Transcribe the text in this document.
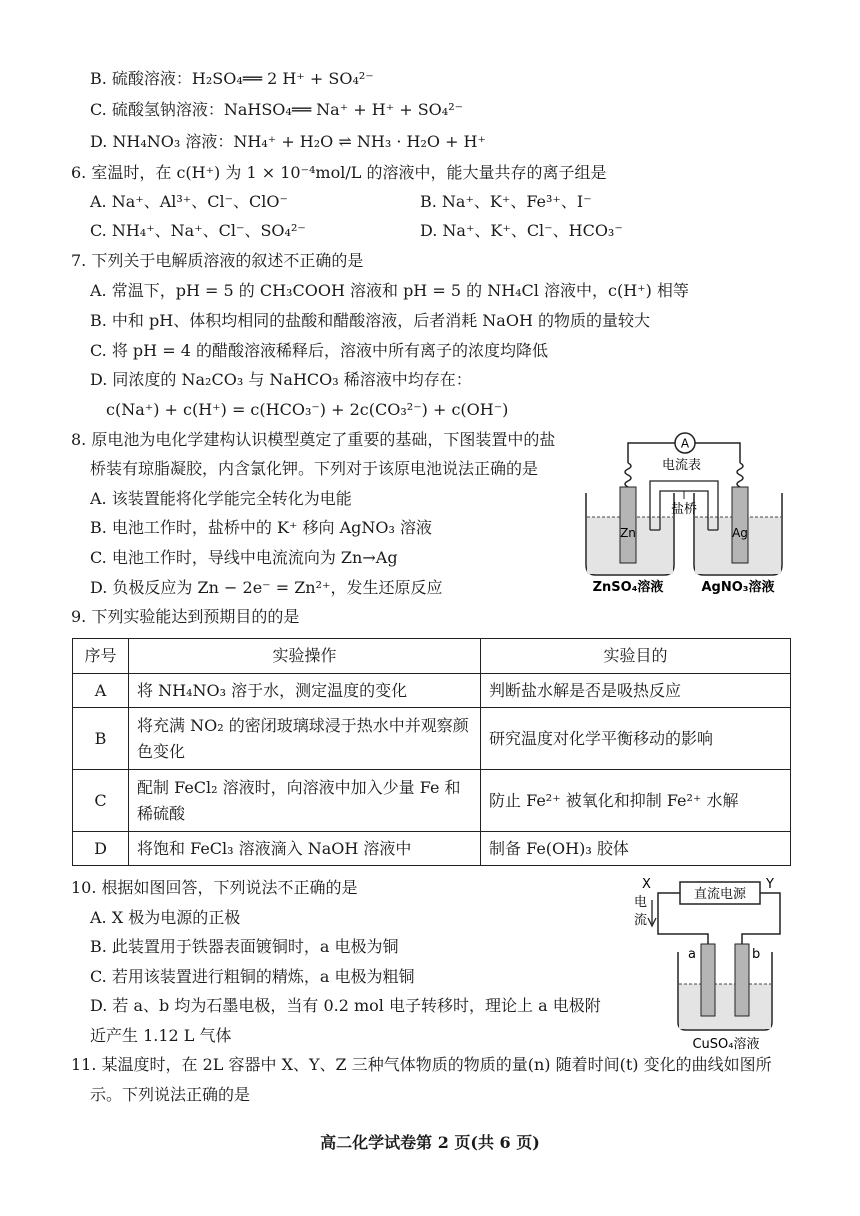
B. 硫酸溶液：H₂SO₄══ 2 H⁺ + SO₄²⁻
C. 硫酸氢钠溶液：NaHSO₄══ Na⁺ + H⁺ + SO₄²⁻
D. NH₄NO₃ 溶液：NH₄⁺ + H₂O ⇌ NH₃ · H₂O + H⁺
6. 室温时，在 c(H⁺) 为 1 × 10⁻⁴mol/L 的溶液中，能大量共存的离子组是
A. Na⁺、Al³⁺、Cl⁻、ClO⁻	B. Na⁺、K⁺、Fe³⁺、I⁻
C. NH₄⁺、Na⁺、Cl⁻、SO₄²⁻	D. Na⁺、K⁺、Cl⁻、HCO₃⁻
7. 下列关于电解质溶液的叙述不正确的是
A. 常温下，pH = 5 的 CH₃COOH 溶液和 pH = 5 的 NH₄Cl 溶液中，c(H⁺) 相等
B. 中和 pH、体积均相同的盐酸和醋酸溶液，后者消耗 NaOH 的物质的量较大
C. 将 pH = 4 的醋酸溶液稀释后，溶液中所有离子的浓度均降低
D. 同浓度的 Na₂CO₃ 与 NaHCO₃ 稀溶液中均存在：
c(Na⁺) + c(H⁺) = c(HCO₃⁻) + 2c(CO₃²⁻) + c(OH⁻)
8. 原电池为电化学建构认识模型奠定了重要的基础，下图装置中的盐
桥装有琼脂凝胶，内含氯化钾。下列对于该原电池说法正确的是
A. 该装置能将化学能完全转化为电能
B. 电池工作时，盐桥中的 K⁺ 移向 AgNO₃ 溶液
C. 电池工作时，导线中电流流向为 Zn→Ag
D. 负极反应为 Zn − 2e⁻ = Zn²⁺，发生还原反应
A
电流表
Zn	Ag
盐桥
ZnSO₄溶液	AgNO₃溶液
9. 下列实验能达到预期目的的是
序号	实验操作	实验目的
A	将 NH₄NO₃ 溶于水，测定温度的变化	判断盐水解是否是吸热反应
B	将充满 NO₂ 的密闭玻璃球浸于热水中并观察颜色变化	研究温度对化学平衡移动的影响
C	配制 FeCl₂ 溶液时，向溶液中加入少量 Fe 和稀硫酸	防止 Fe²⁺ 被氧化和抑制 Fe²⁺ 水解
D	将饱和 FeCl₃ 溶液滴入 NaOH 溶液中	制备 Fe(OH)₃ 胶体
10. 根据如图回答，下列说法不正确的是
A. X 极为电源的正极
B. 此装置用于铁器表面镀铜时，a 电极为铜
C. 若用该装置进行粗铜的精炼，a 电极为粗铜
D. 若 a、b 均为石墨电极，当有 0.2 mol 电子转移时，理论上 a 电极附
近产生 1.12 L 气体
X	Y
直流电源
电
流
a	b
CuSO₄溶液
11. 某温度时，在 2L 容器中 X、Y、Z 三种气体物质的物质的量(n) 随着时间(t) 变化的曲线如图所
示。下列说法正确的是
高二化学试卷第 2 页(共 6 页)
